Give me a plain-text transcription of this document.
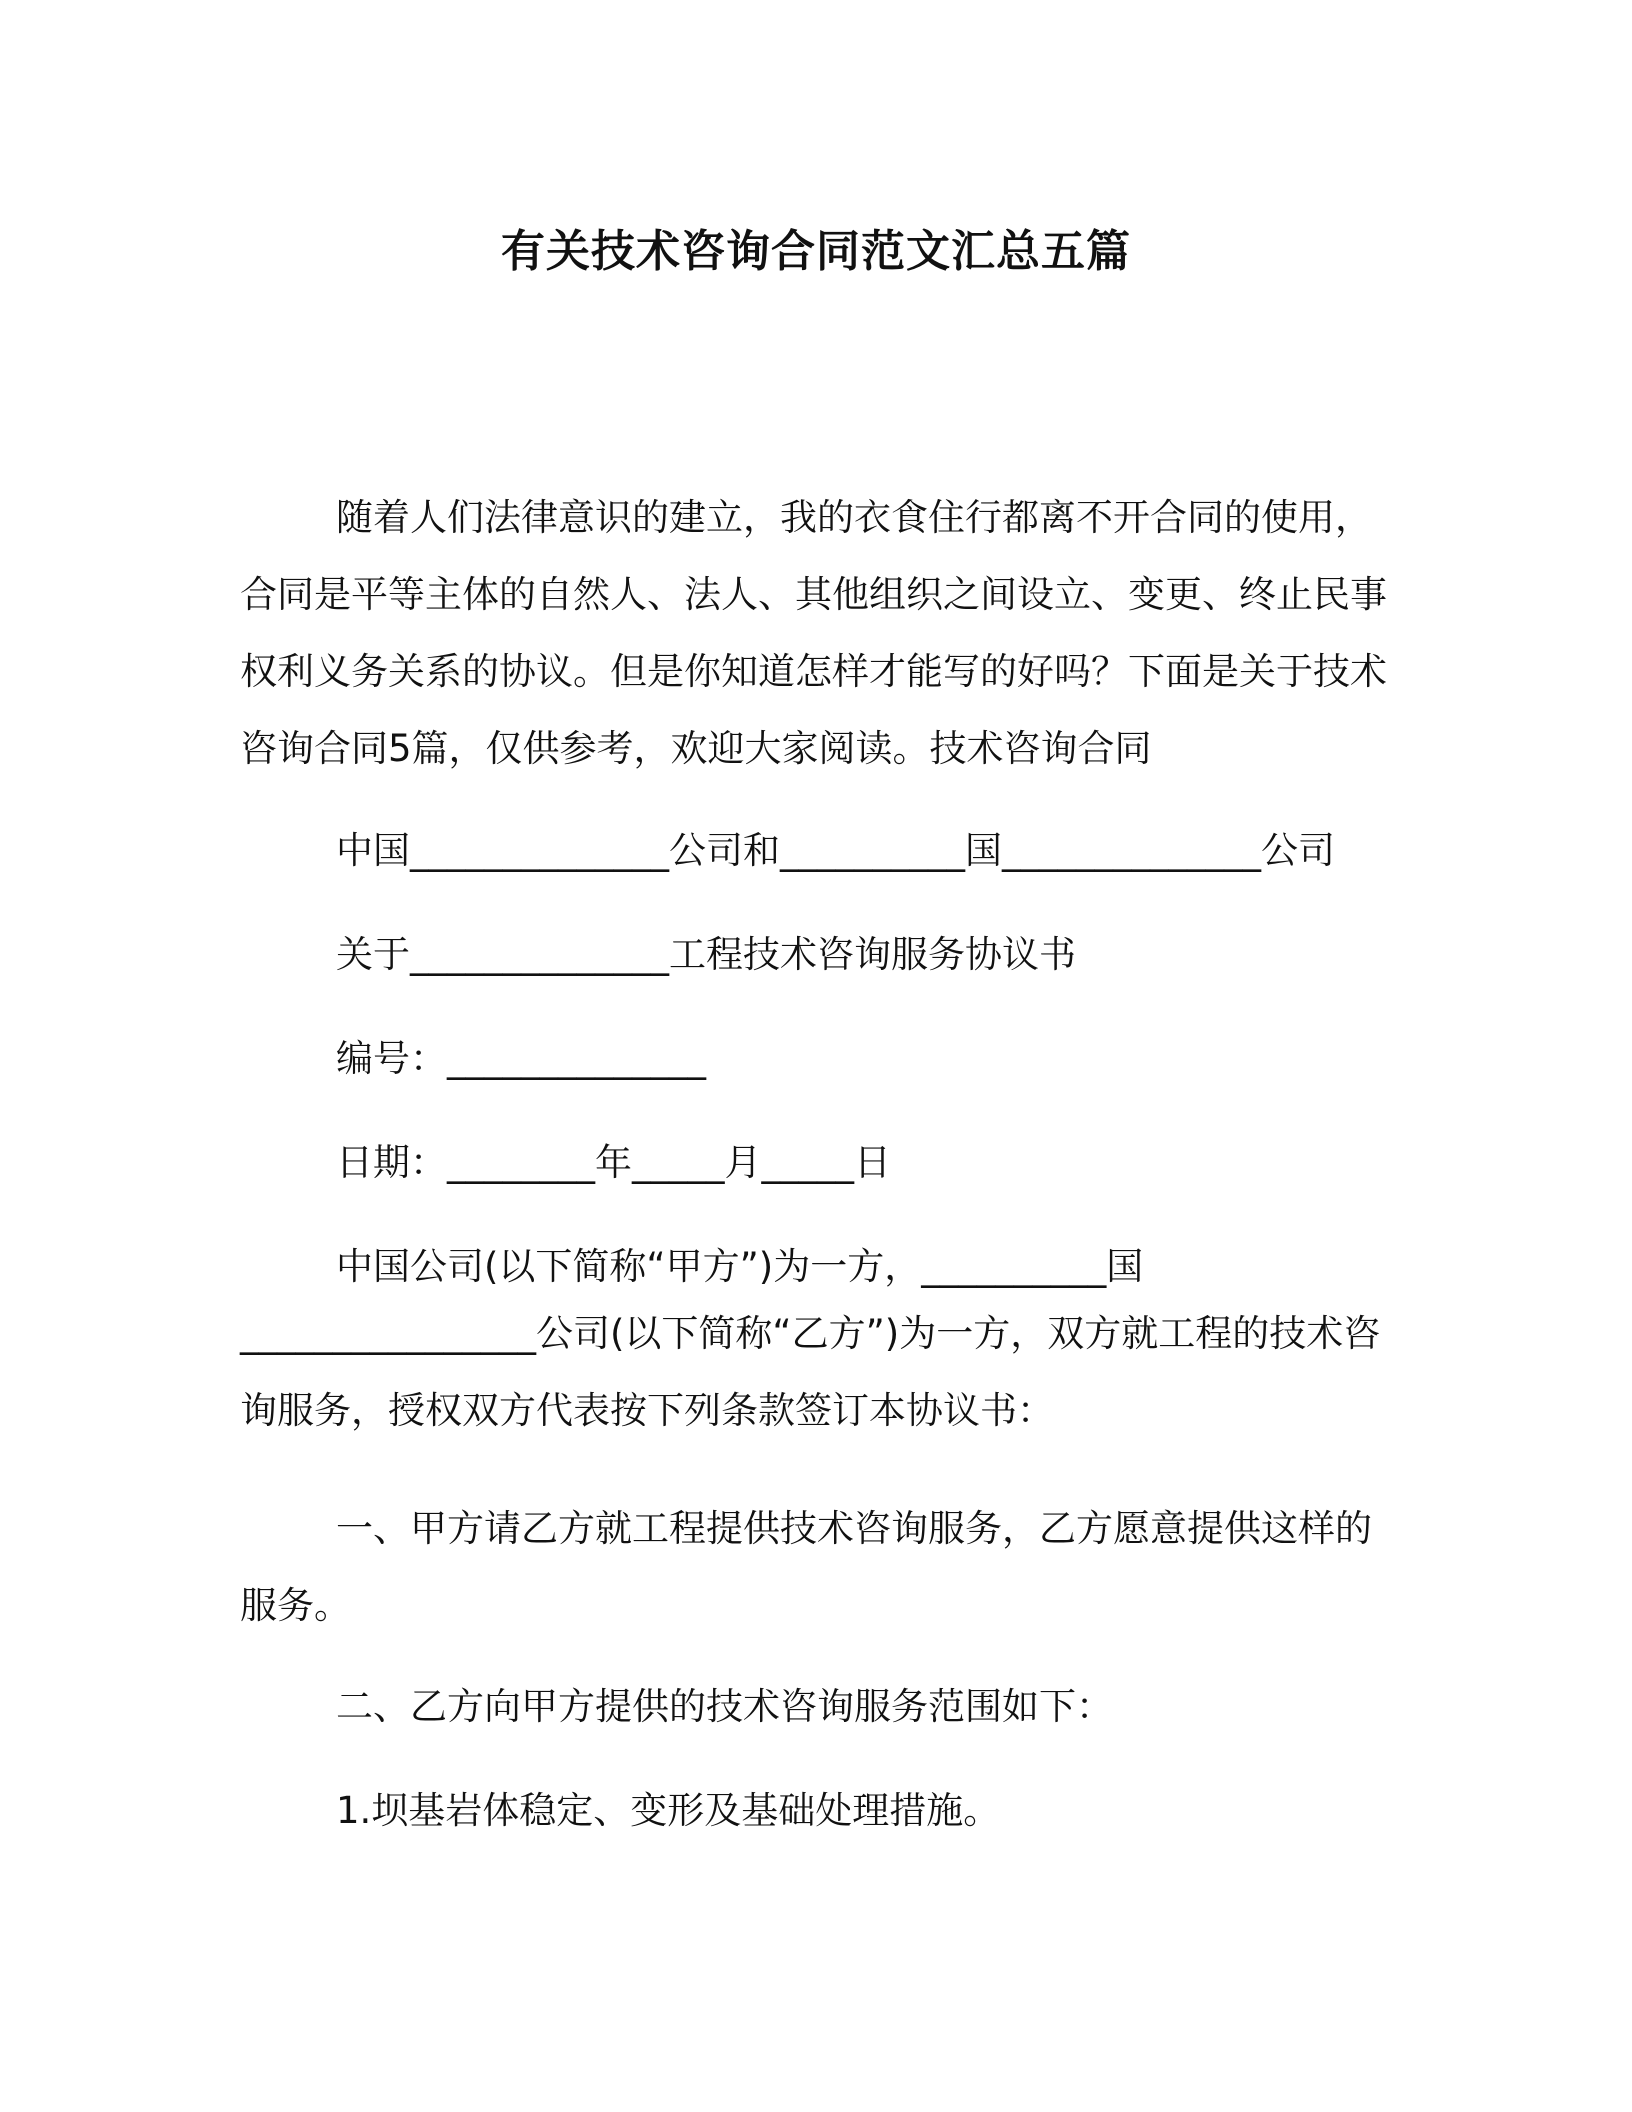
有关技术咨询合同范文汇总五篇

随着人们法律意识的建立，我的衣食住行都离不开合同的使用，合同是平等主体的自然人、法人、其他组织之间设立、变更、终止民事权利义务关系的协议。但是你知道怎样才能写的好吗？下面是关于技术咨询合同5篇，仅供参考，欢迎大家阅读。技术咨询合同

中国______________公司和__________国______________公司

关于______________工程技术咨询服务协议书

编号：______________

日期：________年_____月_____日

中国公司(以下简称“甲方”)为一方，__________国

________________公司(以下简称“乙方”)为一方，双方就工程的技术咨询服务，授权双方代表按下列条款签订本协议书：

一、甲方请乙方就工程提供技术咨询服务，乙方愿意提供这样的服务。

二、乙方向甲方提供的技术咨询服务范围如下：

1.坝基岩体稳定、变形及基础处理措施。
